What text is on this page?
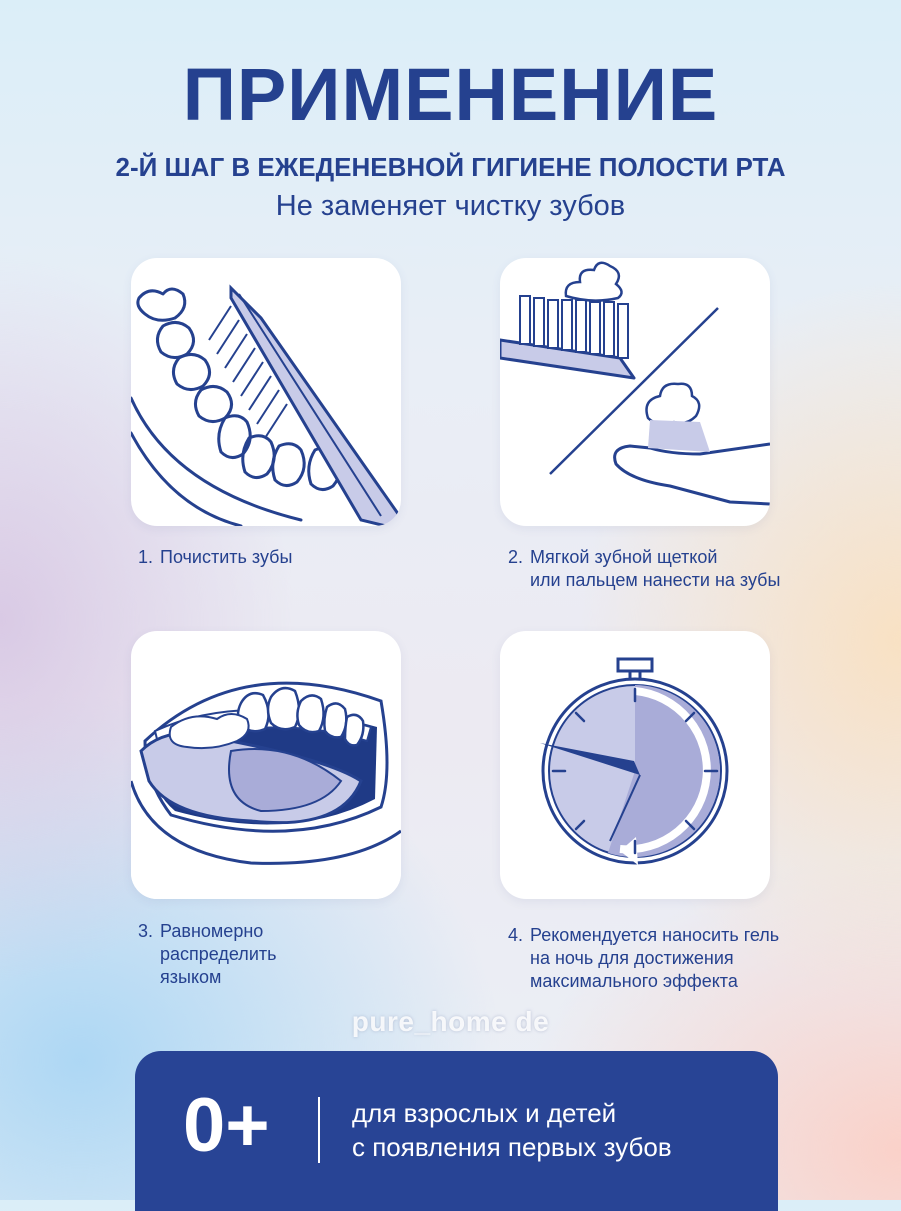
ПРИМЕНЕНИЕ
2-Й ШАГ В ЕЖЕДЕНЕВНОЙ ГИГИЕНЕ ПОЛОСТИ РТА
Не заменяет чистку зубов
1. Почистить зубы	2. Мягкой зубной щеткой
или пальцем нанести на зубы
3. Равномерно
распределить
языком
4. Рекомендуется наносить гель
на ночь для достижения
максимального эффекта
pure_home de
0+	для взрослых и детей
с появления первых зубов
